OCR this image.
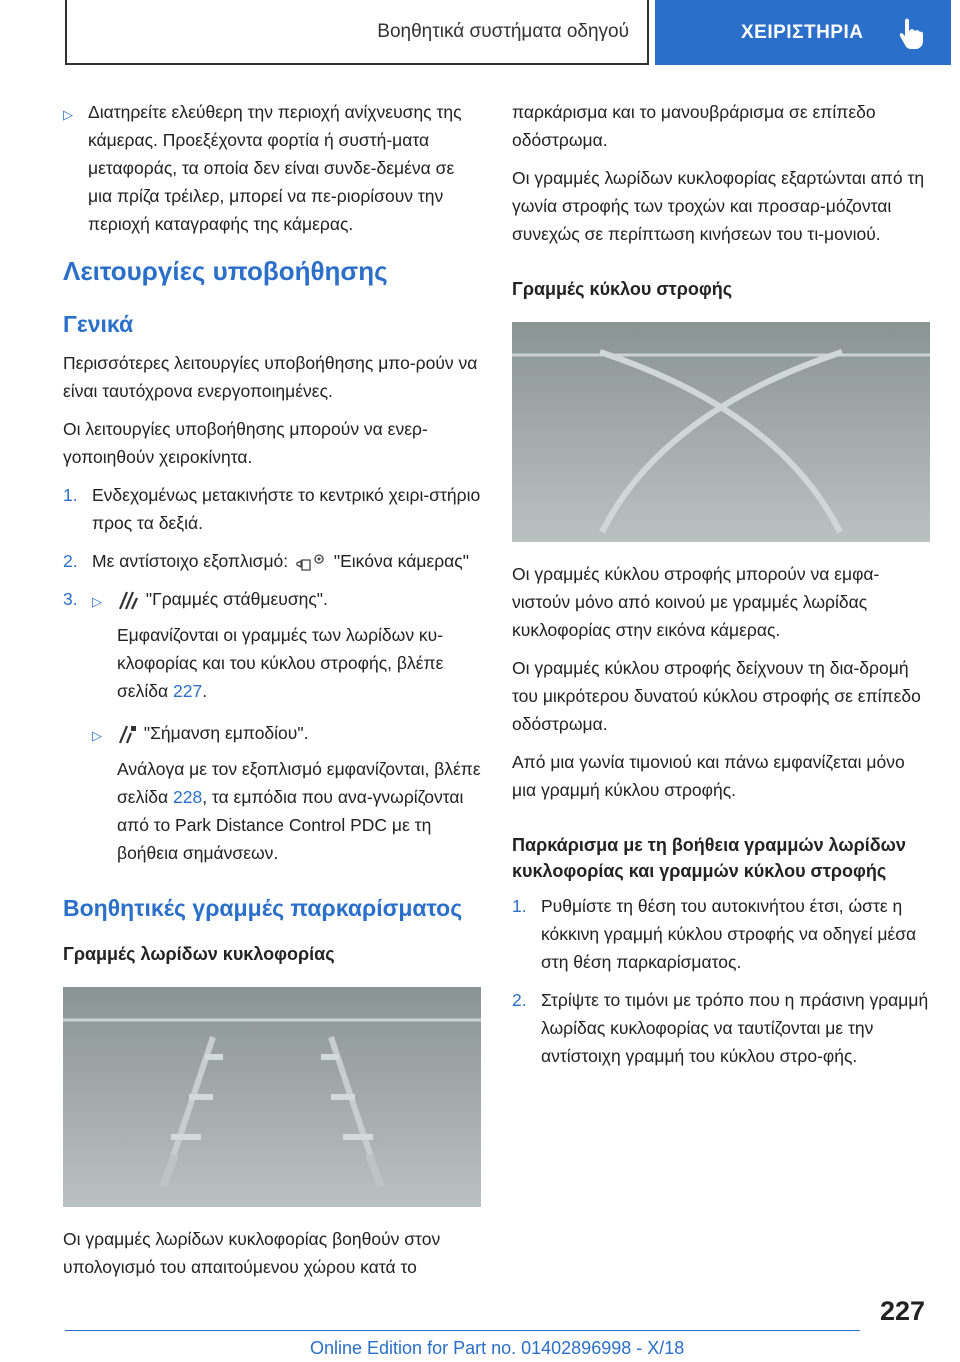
Βοηθητικά συστήματα οδηγού	ΧΕΙΡΙΣΤΗΡΙΑ
▷ Διατηρείτε ελεύθερη την περιοχή ανίχνευσης της κάμερας. Προεξέχοντα φορτία ή συστή-ματα μεταφοράς, τα οποία δεν είναι συνδε-δεμένα σε μια πρίζα τρέιλερ, μπορεί να πε-ριορίσουν την περιοχή καταγραφής της κάμερας.
Λειτουργίες υποβοήθησης
Γενικά

Περισσότερες λειτουργίες υποβοήθησης μπο-ρούν να είναι ταυτόχρονα ενεργοποιημένες.

Οι λειτουργίες υποβοήθησης μπορούν να ενερ-γοποιηθούν χειροκίνητα.

1. Ενδεχομένως μετακινήστε το κεντρικό χειρι-στήριο προς τα δεξιά.
2. Με αντίστοιχο εξοπλισμό:	"Εικόνα κάμερας"
3. ▷	"Γραμμές στάθμευσης".
Εμφανίζονται οι γραμμές των λωρίδων κυ-κλοφορίας και του κύκλου στροφής, βλέπε σελίδα 227.
▷ "Σήμανση εμποδίου".
Ανάλογα με τον εξοπλισμό εμφανίζονται, βλέπε σελίδα 228, τα εμπόδια που ανα-γνωρίζονται από το Park Distance Control PDC με τη βοήθεια σημάνσεων.
Βοηθητικές γραμμές παρκαρίσματος
Γραμμές λωρίδων κυκλοφορίας

Οι γραμμές λωρίδων κυκλοφορίας βοηθούν στον υπολογισμό του απαιτούμενου χώρου κατά το

παρκάρισμα και το μανουβράρισμα σε επίπεδο οδόστρωμα.

Οι γραμμές λωρίδων κυκλοφορίας εξαρτώνται από τη γωνία στροφής των τροχών και προσαρ-μόζονται συνεχώς σε περίπτωση κινήσεων του τι-μονιού.

Γραμμές κύκλου στροφής

Οι γραμμές κύκλου στροφής μπορούν να εμφα-νιστούν μόνο από κοινού με γραμμές λωρίδας κυκλοφορίας στην εικόνα κάμερας.

Οι γραμμές κύκλου στροφής δείχνουν τη δια-δρομή του μικρότερου δυνατού κύκλου στροφής σε επίπεδο οδόστρωμα.

Από μια γωνία τιμονιού και πάνω εμφανίζεται μόνο μια γραμμή κύκλου στροφής.

Παρκάρισμα με τη βοήθεια γραμμών λωρίδων κυκλοφορίας και γραμμών κύκλου στροφής
1. Ρυθμίστε τη θέση του αυτοκινήτου έτσι, ώστε η κόκκινη γραμμή κύκλου στροφής να οδηγεί μέσα στη θέση παρκαρίσματος.
2. Στρίψτε το τιμόνι με τρόπο που η πράσινη γραμμή λωρίδας κυκλοφορίας να ταυτίζονται με την αντίστοιχη γραμμή του κύκλου στρο-φής.
227
Online Edition for Part no. 01402896998 - X/18
